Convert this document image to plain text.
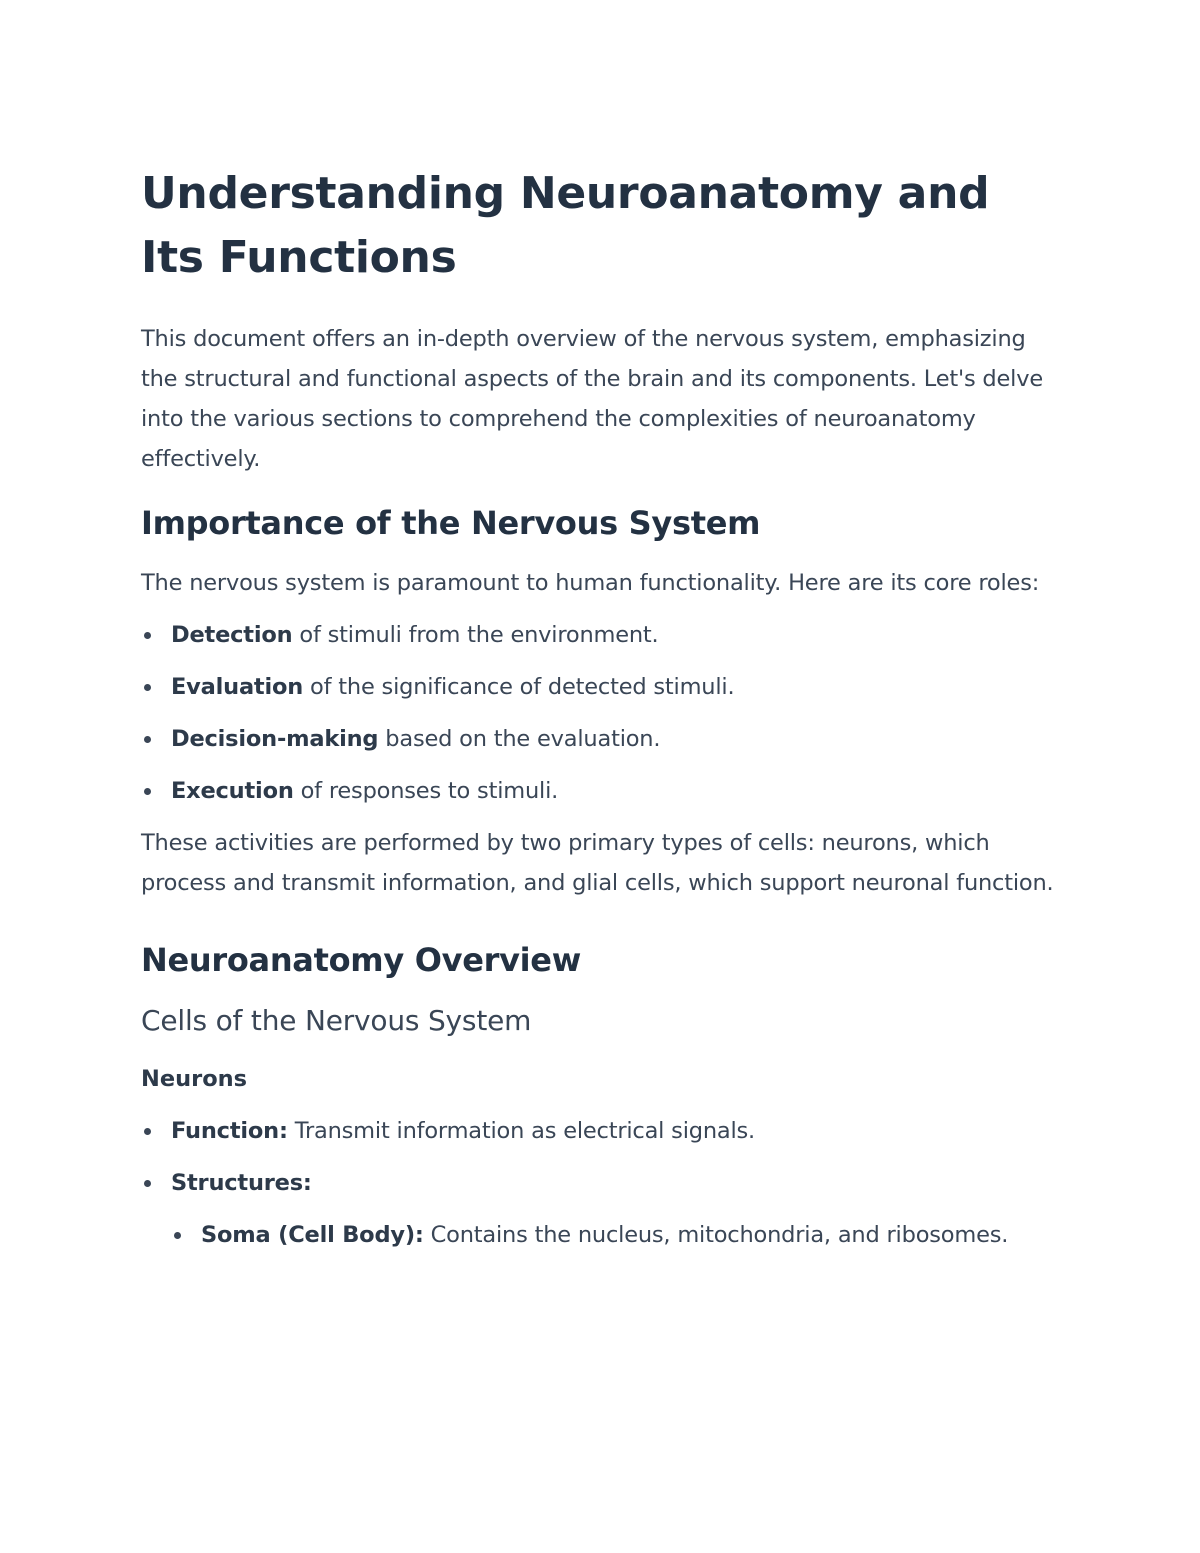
Understanding Neuroanatomy and Its Functions

This document offers an in-depth overview of the nervous system, emphasizing the structural and functional aspects of the brain and its components. Let's delve into the various sections to comprehend the complexities of neuroanatomy effectively.

Importance of the Nervous System

The nervous system is paramount to human functionality. Here are its core roles:

Detection of stimuli from the environment.
Evaluation of the significance of detected stimuli.
Decision-making based on the evaluation.
Execution of responses to stimuli.

These activities are performed by two primary types of cells: neurons, which process and transmit information, and glial cells, which support neuronal function.

Neuroanatomy Overview
Cells of the Nervous System
Neurons
Function: Transmit information as electrical signals.
Structures:
Soma (Cell Body): Contains the nucleus, mitochondria, and ribosomes.
